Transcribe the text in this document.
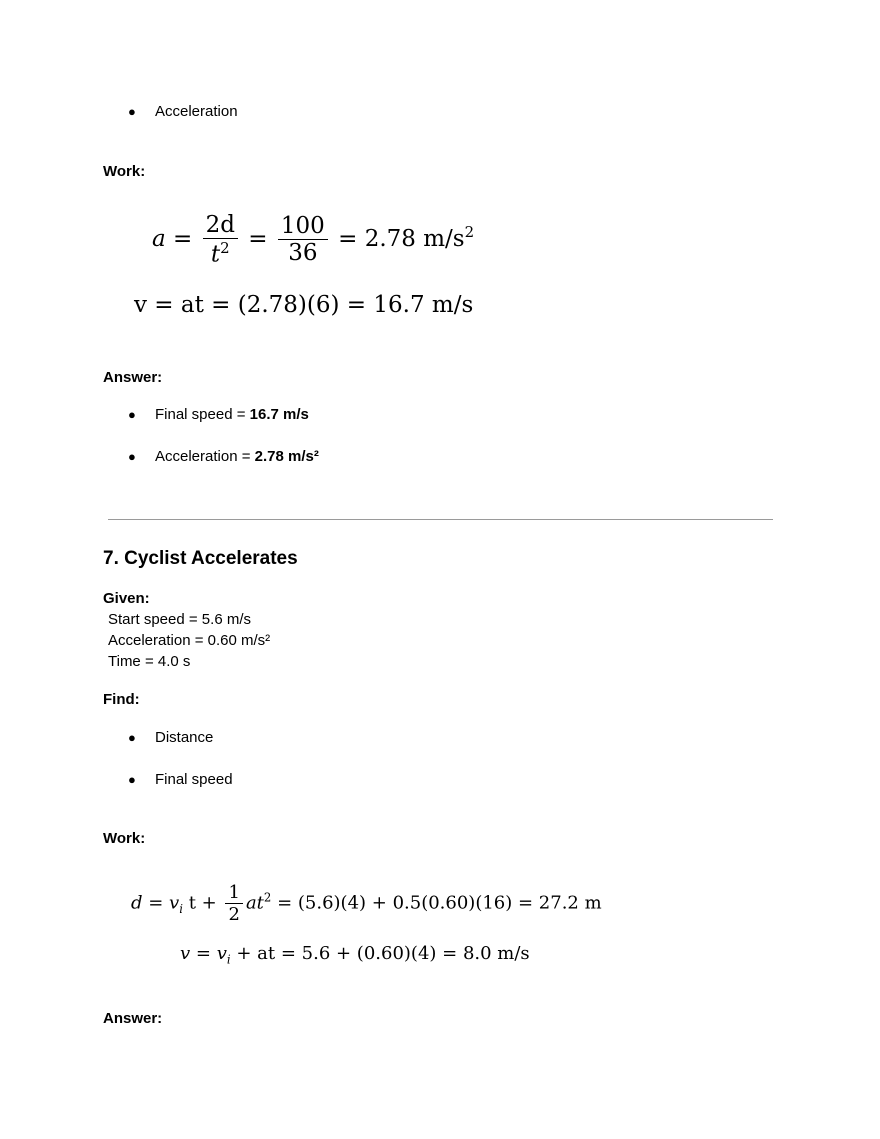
● Acceleration
Work:
$a = \frac{2d}{t^2} = \frac{100}{36} = 2.78$ $m/s^2$
v = at = (2.78)(6) = 16.7 m/s
Answer:
● Final speed = 16.7 m/s
● Acceleration = 2.78 m/s²
7. Cyclist Accelerates
Given:
Start speed = 5.6 m/s
Acceleration = 0.60 m/s²
Time = 4.0 s
Find:
● Distance
● Final speed
Work:
$d = v_i$ $t + \frac{1}{2} at^2 = (5.6)(4) + 0.5(0.60)(16) = 27.2$ m
$v = v_i$ + at = 5.6 + (0.60)(4) = 8.0 m/s
Answer:
